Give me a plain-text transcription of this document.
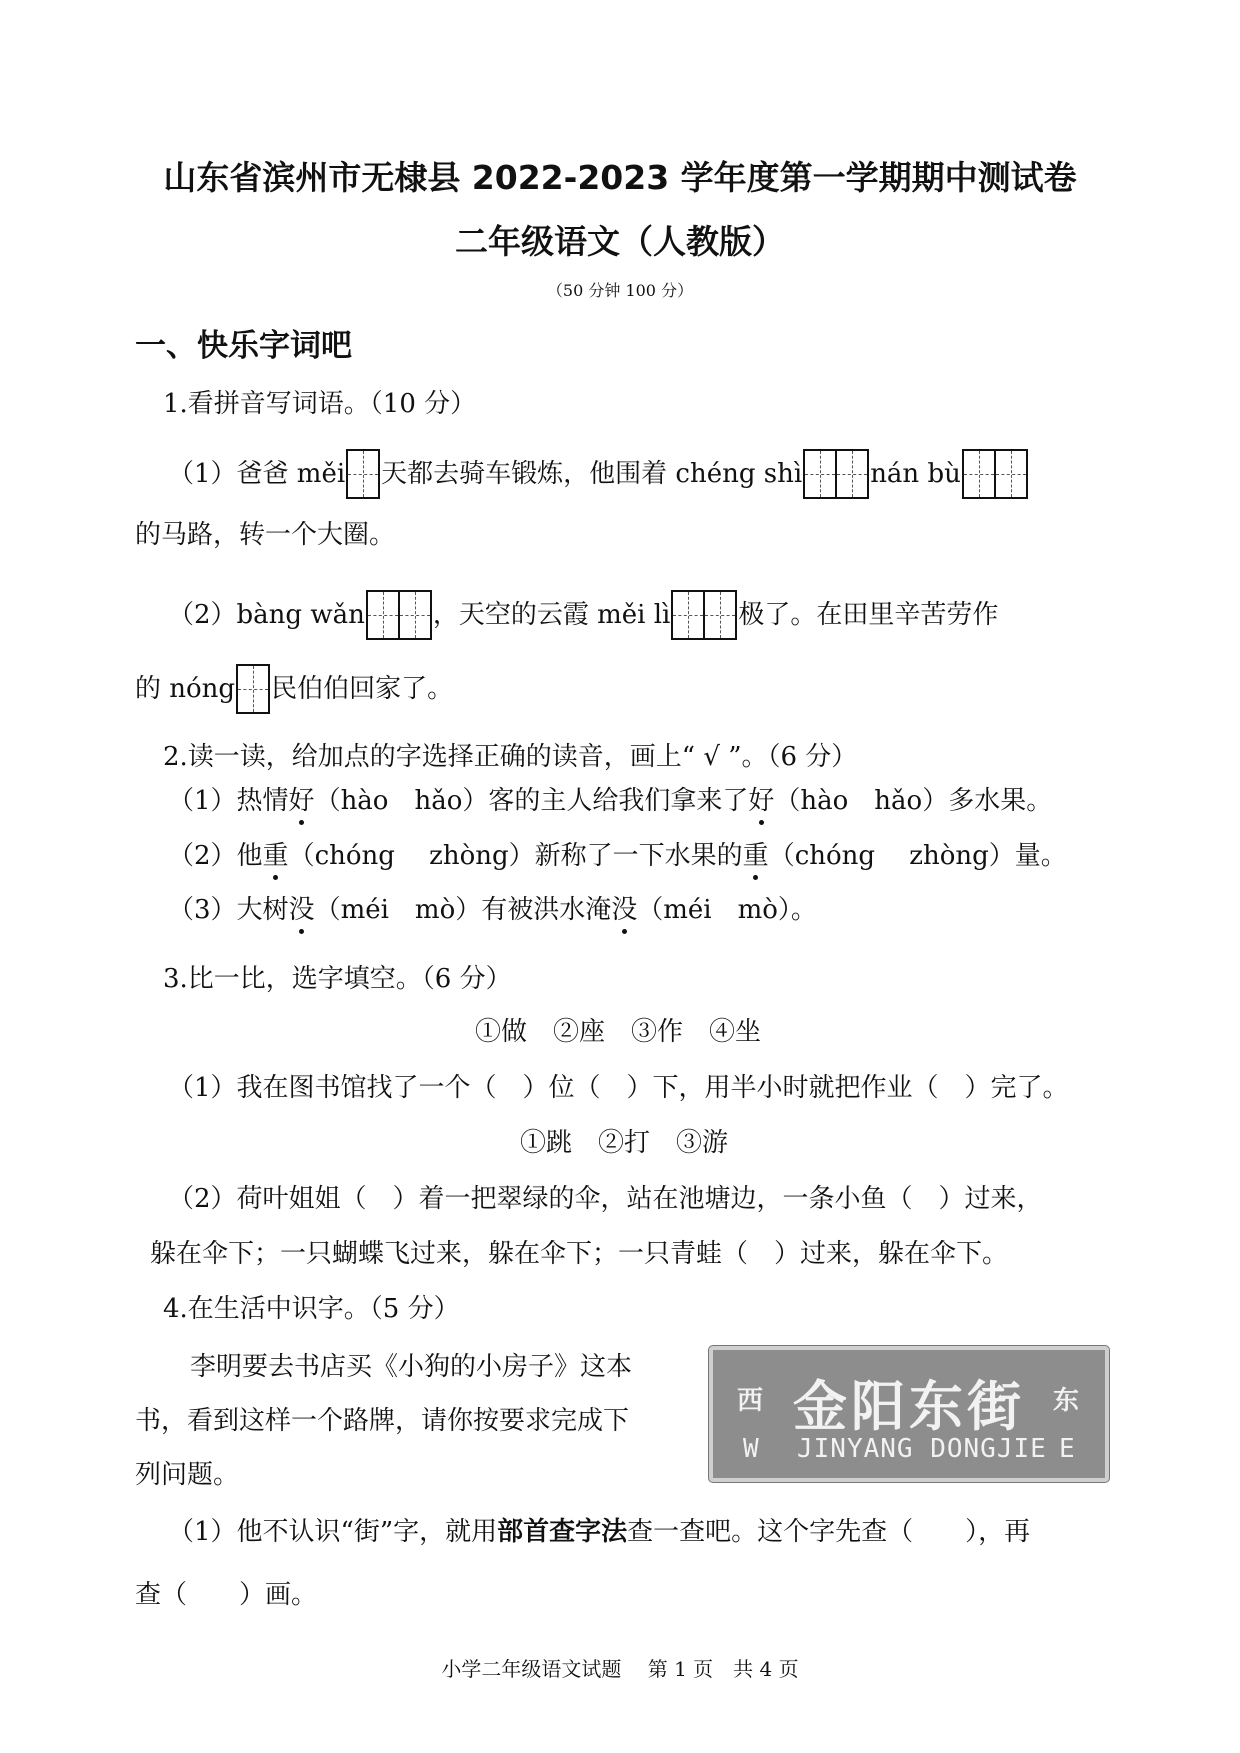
山东省滨州市无棣县 2022-2023 学年度第一学期期中测试卷
二年级语文（人教版）
（50 分钟 100 分）
一、快乐字词吧
1.看拼音写词语。（10 分）
（1）爸爸 měi 天都去骑车锻炼，他围着 chéng shì	nán bù
的马路，转一个大圈。
（2）bàng wǎn	，天空的云霞 měi lì	极了。在田里辛苦劳作
的 nóng 民伯伯回家了。
2.读一读，给加点的字选择正确的读音，画上“ √ ”。（6 分）
（1）热情好（hào　hǎo）客的主人给我们拿来了好（hào　hǎo）多水果。
（2）他重（chóng　 zhòng）新称了一下水果的重（chóng　 zhòng）量。
（3）大树没（méi　mò）有被洪水淹没（méi　mò）。
3.比一比，选字填空。（6 分）
①做　②座　③作　④坐
（1）我在图书馆找了一个（　）位（　）下，用半小时就把作业（　）完了。
①跳　②打　③游
（2）荷叶姐姐（　）着一把翠绿的伞，站在池塘边，一条小鱼（　）过来，
躲在伞下；一只蝴蝶飞过来，躲在伞下；一只青蛙（　）过来，躲在伞下。
4.在生活中识字。（5 分）
李明要去书店买《小狗的小房子》这本
书，看到这样一个路牌，请你按要求完成下
列问题。
西 金阳东街 东
W JINYANG DONGJIE E
（1）他不认识“街”字，就用部首查字法查一查吧。这个字先查（　　），再
查（　　）画。
小学二年级语文试题　 第 1 页　共 4 页
